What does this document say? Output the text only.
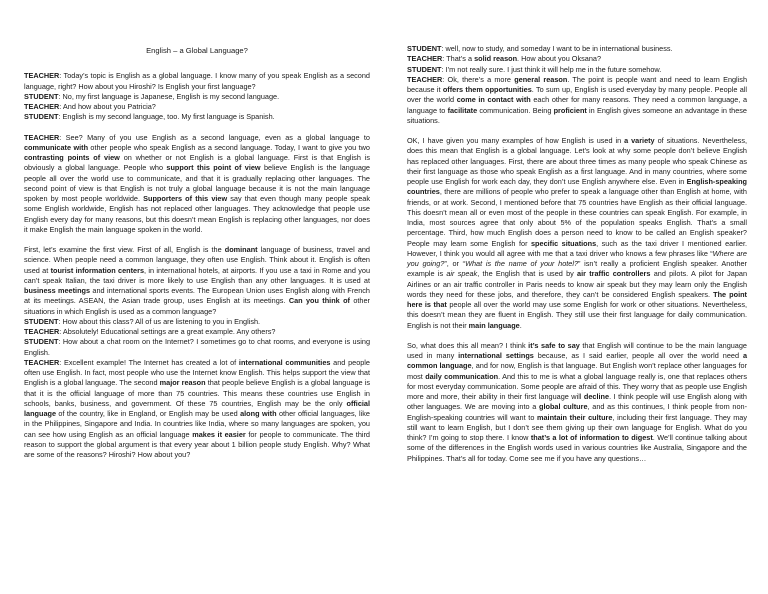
English – a Global Language?

TEACHER: Today’s topic is English as a global language. I know many of you speak English as a second language, right? How about you Hiroshi? Is English your first language?

STUDENT: No, my first language is Japanese, English is my second language.

TEACHER: And how about you Patricia?

STUDENT: English is my second language, too. My first language is Spanish.

TEACHER: See? Many of you use English as a second language, even as a global language to communicate with other people who speak English as a second language. Today, I want to give you two contrasting points of view on whether or not English is a global language. First is that English is obviously a global language. People who support this point of view believe English is the language people all over the world use to communicate, and that it is gradually replacing other languages. The second point of view is that English is not truly a global language because it is not the main language spoken by most people worldwide. Supporters of this view say that even though many people speak some English worldwide, English has not replaced other languages. They acknowledge that people use English every day for many reasons, but this doesn’t mean English is replacing other languages, nor does it make English the main language spoken in the world.

First, let’s examine the first view. First of all, English is the dominant language of business, travel and science. When people need a common language, they often use English. Think about it. English is often used at tourist information centers, in international hotels, at airports. If you use a taxi in Rome and you can’t speak Italian, the taxi driver is more likely to use English than any other languages. It is used at business meetings and international sports events. The European Union uses English along with French at its meetings. ASEAN, the Asian trade group, uses English at its meetings. Can you think of other situations in which English is used as a common language?

STUDENT: How about this class? All of us are listening to you in English.

TEACHER: Absolutely! Educational settings are a great example. Any others?

STUDENT: How about a chat room on the Internet? I sometimes go to chat rooms, and everyone is using English.

TEACHER: Excellent example! The Internet has created a lot of international communities and people often use English. In fact, most people who use the Internet know English. This helps support the view that English is a global language. The second major reason that people believe English is a global language is that it is the official language of more than 75 countries. This means these countries use English in schools, banks, business, and government. Of these 75 countries, English may be the only official language of the country, like in England, or English may be used along with other official languages, like in the Philippines, Singapore and India. In countries like India, where so many languages are spoken, you can see how using English as an official language makes it easier for people to communicate. The third reason to support the global argument is that every year about 1 billion people study English. Why? What are some of the reasons? Hiroshi? How about you?

STUDENT: well, now to study, and someday I want to be in international business.

TEACHER: That’s a solid reason. How about you Oksana?

STUDENT: I’m not really sure. I just think it will help me in the future somehow.

TEACHER: Ok, there’s a more general reason. The point is people want and need to learn English because it offers them opportunities. To sum up, English is used everyday by many people. People all over the world come in contact with each other for many reasons. They need a common language, a language to facilitate communication. Being proficient in English gives someone an advantage in these situations.

OK, I have given you many examples of how English is used in a variety of situations. Nevertheless, does this mean that English is a global language. Let’s look at why some people don’t believe English has replaced other languages. First, there are about three times as many people who speak Chinese as their first language as those who speak English as a first language. And in many countries, where some people use English for work each day, they don’t use English anywhere else. Even in English-speaking countries, there are millions of people who prefer to speak a language other than English at home, with friends, or at work. Second, I mentioned before that 75 countries have English as their official language. This doesn’t mean all or even most of the people in these countries can speak English. For example, in India, most sources agree that only about 5% of the population speaks English. That’s a small percentage. Third, how much English does a person need to know to be called an English speaker? People may learn some English for specific situations, such as the taxi driver I mentioned earlier. However, I think you would all agree with me that a taxi driver who knows a few phrases like “Where are you going?”, or “What is the name of your hotel?” isn’t really a proficient English speaker. Another example is air speak, the English that is used by air traffic controllers and pilots. A pilot for Japan Airlines or an air traffic controller in Paris needs to know air speak but they may learn only the English words they need for these jobs, and therefore, they can’t be considered English speakers. The point here is that people all over the world may use some English for work or other situations. Nevertheless, this doesn’t mean they are fluent in English. They still use their first language for daily communication. English is not their main language.

So, what does this all mean? I think it’s safe to say that English will continue to be the main language used in many international settings because, as I said earlier, people all over the world need a common language, and for now, English is that language. But English won’t replace other languages for most daily communication. And this to me is what a global language really is, one that replaces others for most everyday communication. Some people are afraid of this. They worry that as people use English more and more, their ability in their first language will decline. I think people will use English along with other languages. We are moving into a global culture, and as this continues, I think people from non-English-speaking countries will want to maintain their culture, including their first language. They may still want to learn English, but I don’t see them giving up their own language for English. What do you think? I’m going to stop there. I know that’s a lot of information to digest. We’ll continue talking about some of the differences in the English words used in various countries like Australia, Singapore and the Philippines. That’s all for today. Come see me if you have any questions…
